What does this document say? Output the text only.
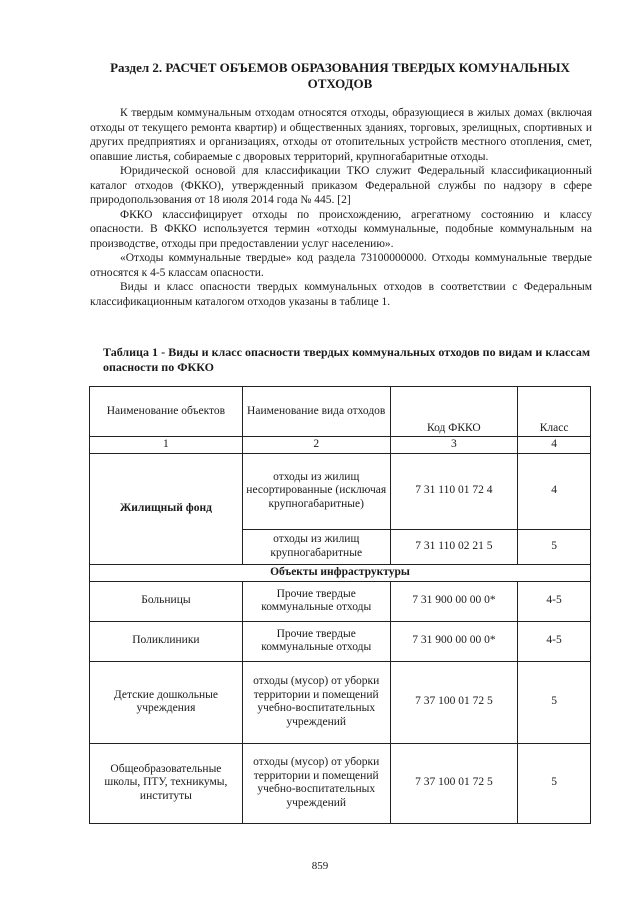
Раздел 2. РАСЧЕТ ОБЪЕМОВ ОБРАЗОВАНИЯ ТВЕРДЫХ КОМУНАЛЬНЫХ ОТХОДОВ

К твердым коммунальным отходам относятся отходы, образующиеся в жилых домах (включая отходы от текущего ремонта квартир) и общественных зданиях, торговых, зрелищных, спортивных и других предприятиях и организациях, отходы от отопительных устройств местного отопления, смет, опавшие листья, собираемые с дворовых территорий, крупногабаритные отходы.

Юридической основой для классификации ТКО служит Федеральный классификационный каталог отходов (ФККО), утвержденный приказом Федеральной службы по надзору в сфере природопользования от 18 июля 2014 года № 445. [2]

ФККО классифицирует отходы по происхождению, агрегатному состоянию и классу опасности. В ФККО используется термин «отходы коммунальные, подобные коммунальным на производстве, отходы при предоставлении услуг населению».

«Отходы коммунальные твердые» код раздела 73100000000. Отходы коммунальные твердые относятся к 4-5 классам опасности.

Виды и класс опасности твердых коммунальных отходов в соответствии с Федеральным классификационным каталогом отходов указаны в таблице 1.

Таблица 1 - Виды и класс опасности твердых коммунальных отходов по видам и классам опасности по ФККО
Наименование объектов	Наименование вида отходов	Код ФККО	Класс
1	2	3	4
Жилищный фонд	отходы из жилищ несортированные (исключая крупногабаритные)	7 31 110 01 72 4	4
	отходы из жилищ крупногабаритные	7 31 110 02 21 5	5
Объекты инфраструктуры			
Больницы	Прочие твердые коммунальные отходы	7 31 900 00 00 0*	4-5
Поликлиники	Прочие твердые коммунальные отходы	7 31 900 00 00 0*	4-5
Детские дошкольные учреждения	отходы (мусор) от уборки территории и помещений учебно-воспитательных учреждений	7 37 100 01 72 5	5
Общеобразовательные школы, ПТУ, техникумы, институты	отходы (мусор) от уборки территории и помещений учебно-воспитательных учреждений	7 37 100 01 72 5	5
859
